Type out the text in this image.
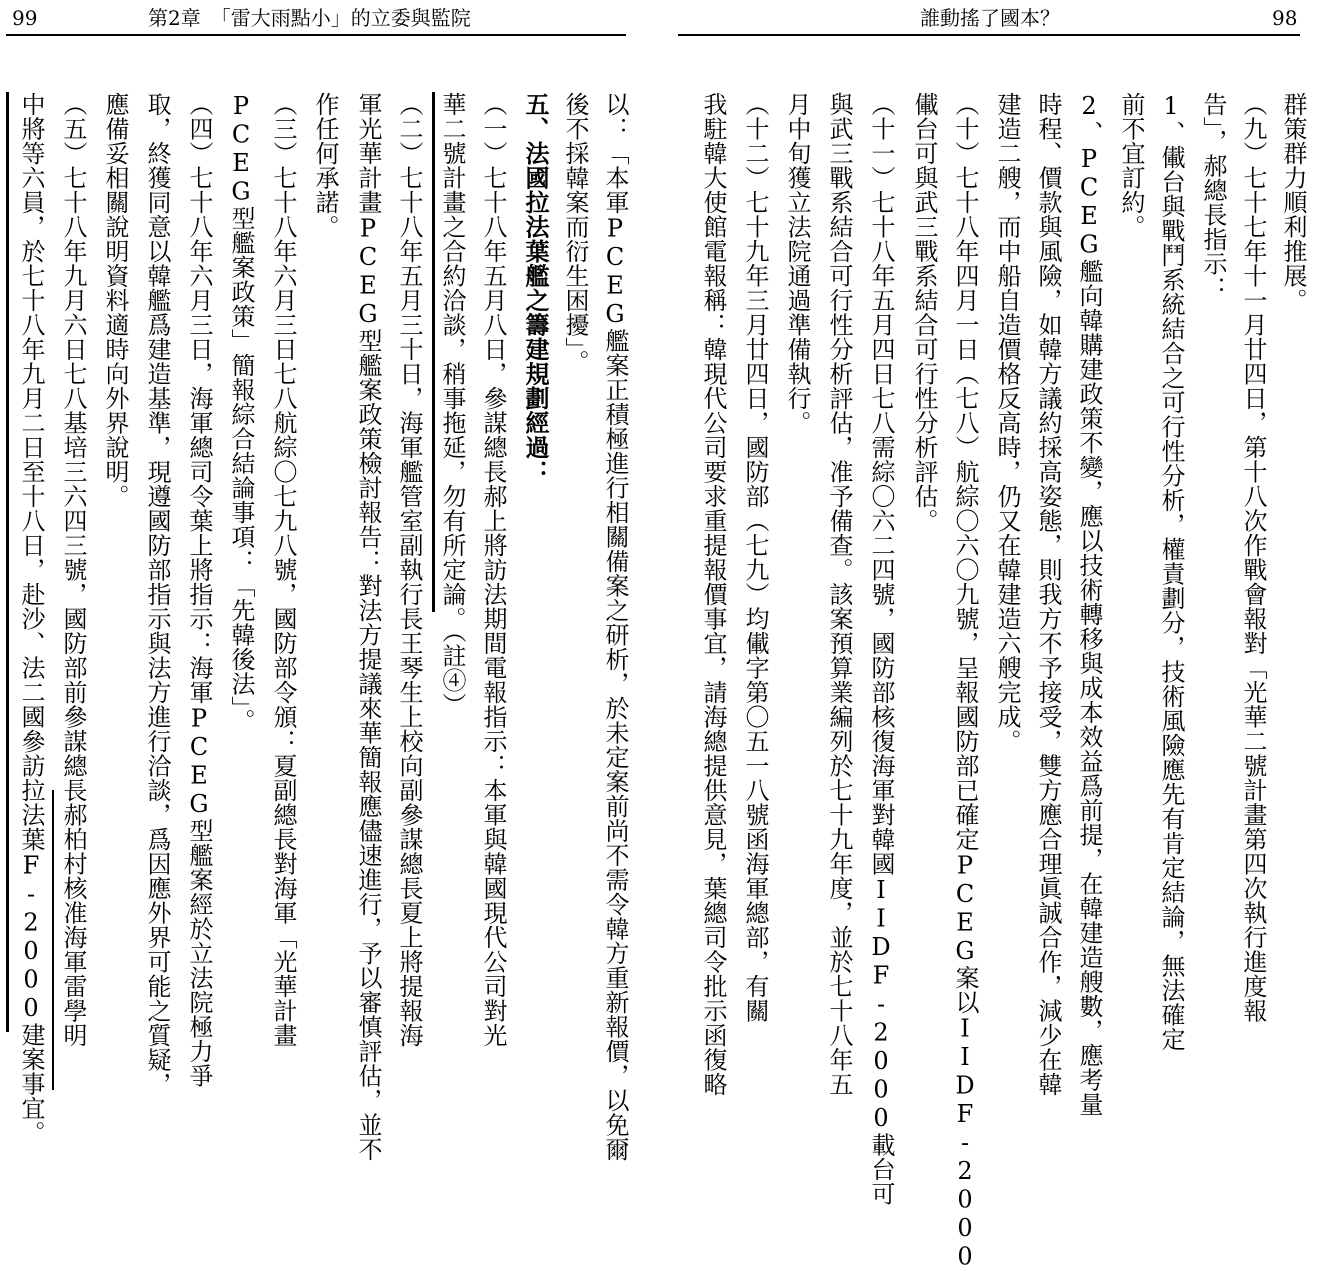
99	第2章　「雷大雨點小」的立委與監院
以：「本軍PCEG艦案正積極進行相關備案之研析，於未定案前尚不需令韓方重新報價，以免爾
後不採韓案而衍生困擾」。
五、法國拉法葉艦之籌建規劃經過：
（一）七十八年五月八日，參謀總長郝上將訪法期間電報指示：本軍與韓國現代公司對光
華二號計畫之合約洽談，稍事拖延，勿有所定論。（註④）
（二）七十八年五月三十日，海軍艦管室副執行長王琴生上校向副參謀總長夏上將提報海
軍光華計畫PCEG型艦案政策檢討報告：對法方提議來華簡報應儘速進行，予以審慎評估，並不
作任何承諾。
（三）七十八年六月三日七八航綜〇七九八號，國防部令頒：夏副總長對海軍「光華計畫
PCEG型艦案政策」簡報綜合結論事項：「先韓後法」。
（四）七十八年六月三日，海軍總司令葉上將指示：海軍PCEG型艦案經於立法院極力爭
取，終獲同意以韓艦爲建造基準，現遵國防部指示與法方進行洽談，爲因應外界可能之質疑，
應備妥相關說明資料適時向外界說明。
（五）七十八年九月六日七八基培三六四三號，國防部前參謀總長郝柏村核准海軍雷學明
中將等六員，於七十八年九月二日至十八日，赴沙、法二國參訪拉法葉F-2000建案事宜。
誰動搖了國本？	98
群策群力順利推展。
（九）七十七年十一月廿四日，第十八次作戰會報對「光華二號計畫第四次執行進度報
告」，郝總長指示：
1、儎台與戰鬥系統結合之可行性分析，權責劃分，技術風險應先有肯定結論，無法確定
前不宜訂約。
2、PCEG艦向韓購建政策不變，應以技術轉移與成本效益爲前提，在韓建造艘數，應考量
時程、價款與風險，如韓方議約採高姿態，則我方不予接受，雙方應合理眞誠合作，減少在韓
建造二艘，而中船自造價格反高時，仍又在韓建造六艘完成。
（十）七十八年四月一日（七八）航綜〇六〇九號，呈報國防部已確定PCEG案以IIDF-2000
儎台可與武三戰系結合可行性分析評估。
（十一）七十八年五月四日七八需綜〇六二四號，國防部核復海軍對韓國IIDF-2000載台可
與武三戰系結合可行性分析評估，准予備查。該案預算業編列於七十九年度，並於七十八年五
月中旬獲立法院通過準備執行。
（十二）七十九年三月廿四日，國防部（七九）均儎字第〇五一八號函海軍總部，有關
我駐韓大使館電報稱：韓現代公司要求重提報價事宜，請海總提供意見，葉總司令批示函復略
